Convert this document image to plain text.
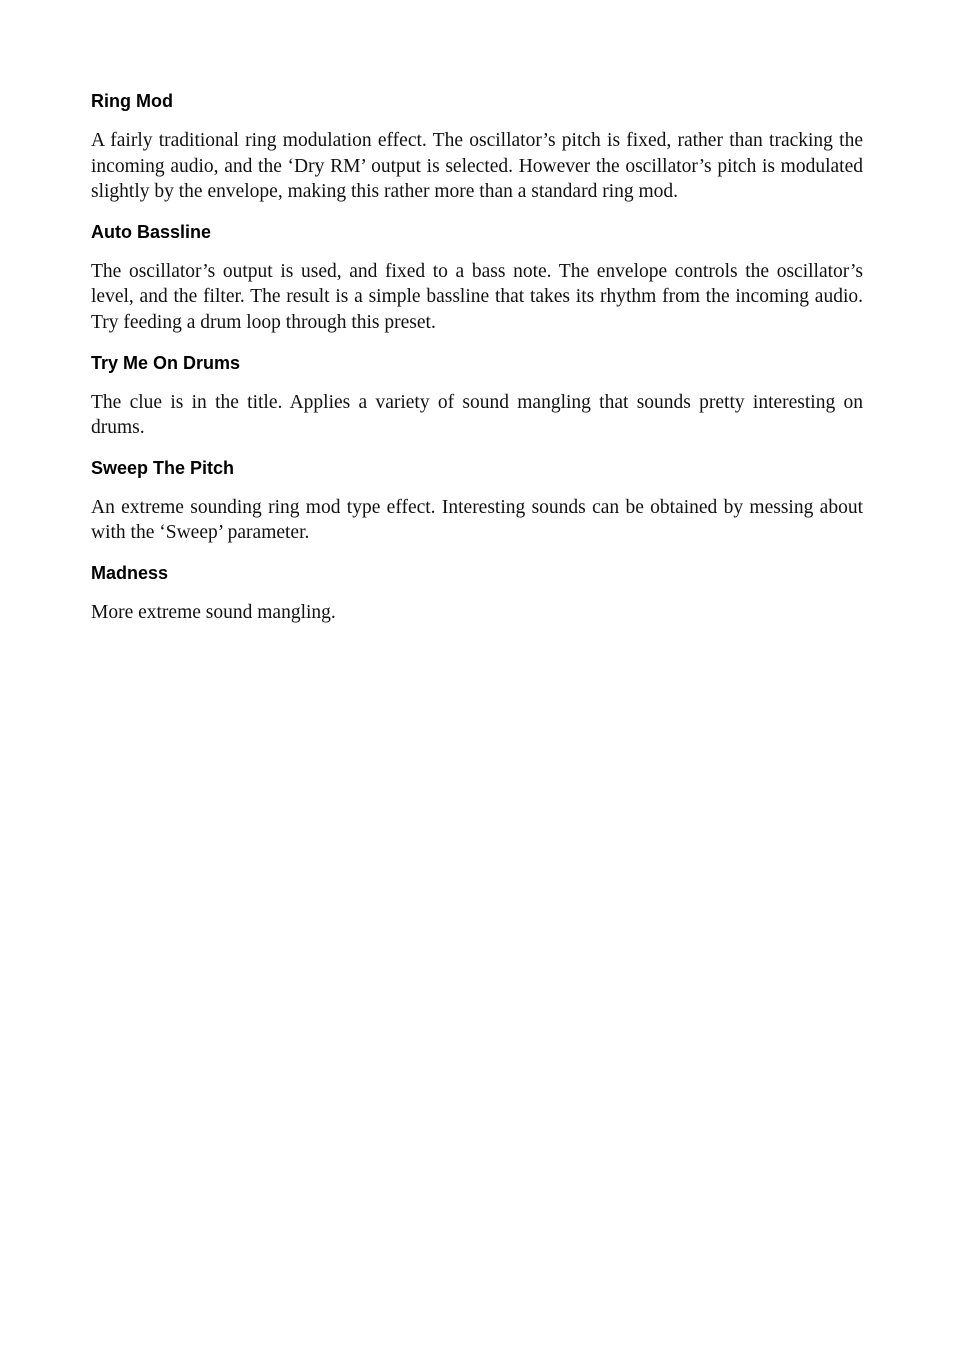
Ring Mod

A fairly traditional ring modulation effect. The oscillator’s pitch is fixed, rather than tracking the incoming audio, and the ‘Dry RM’ output is selected. However the oscillator’s pitch is modulated slightly by the envelope, making this rather more than a standard ring mod.

Auto Bassline

The oscillator’s output is used, and fixed to a bass note. The envelope controls the oscillator’s level, and the filter. The result is a simple bassline that takes its rhythm from the incoming audio. Try feeding a drum loop through this preset.

Try Me On Drums

The clue is in the title. Applies a variety of sound mangling that sounds pretty interesting on drums.

Sweep The Pitch

An extreme sounding ring mod type effect. Interesting sounds can be obtained by messing about with the ‘Sweep’ parameter.

Madness

More extreme sound mangling.
